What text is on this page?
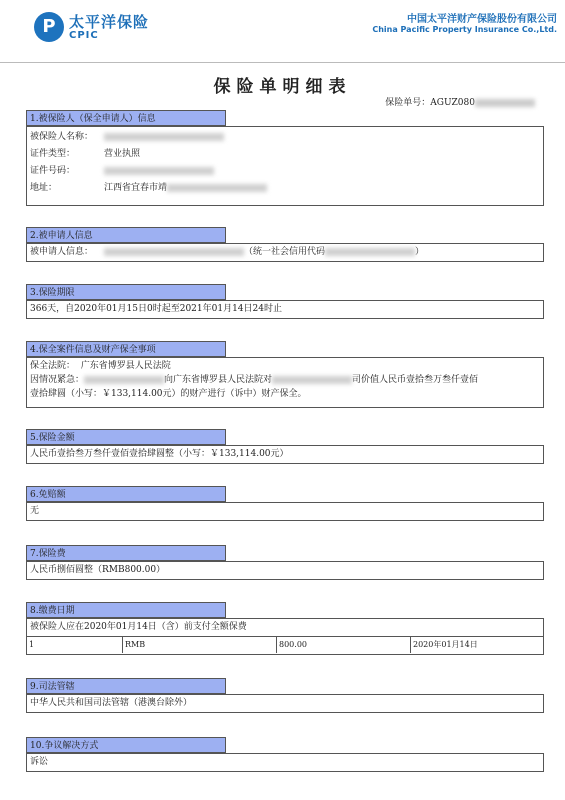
P 太平洋保险
CPIC
中国太平洋财产保险股份有限公司
China Pacific Property Insurance Co.,Ltd.
保险单明细表
保险单号：AGUZ080
1.被保险人（保全申请人）信息
被保险人名称：
证件类型：	营业执照
证件号码：
地址：	江西省宜春市靖
2.被申请人信息
被申请人信息：	（统一社会信用代码	）
3.保险期限
366天，自2020年01月15日0时起至2021年01月14日24时止
4.保全案件信息及财产保全事项
保全法院： 广东省博罗县人民法院
因情况紧急：	向广东省博罗县人民法院对	司价值人民币壹拾叁万叁仟壹佰
壹拾肆圆（小写：￥133,114.00元）的财产进行（诉中）财产保全。
5.保险金额
人民币壹拾叁万叁仟壹佰壹拾肆圆整（小写：￥133,114.00元）
6.免赔额
无
7.保险费
人民币捌佰圆整（RMB800.00）
8.缴费日期
被保险人应在2020年01月14日（含）前支付全额保费
1	RMB	800.00	2020年01月14日
9.司法管辖
中华人民共和国司法管辖（港澳台除外）
10.争议解决方式
诉讼
